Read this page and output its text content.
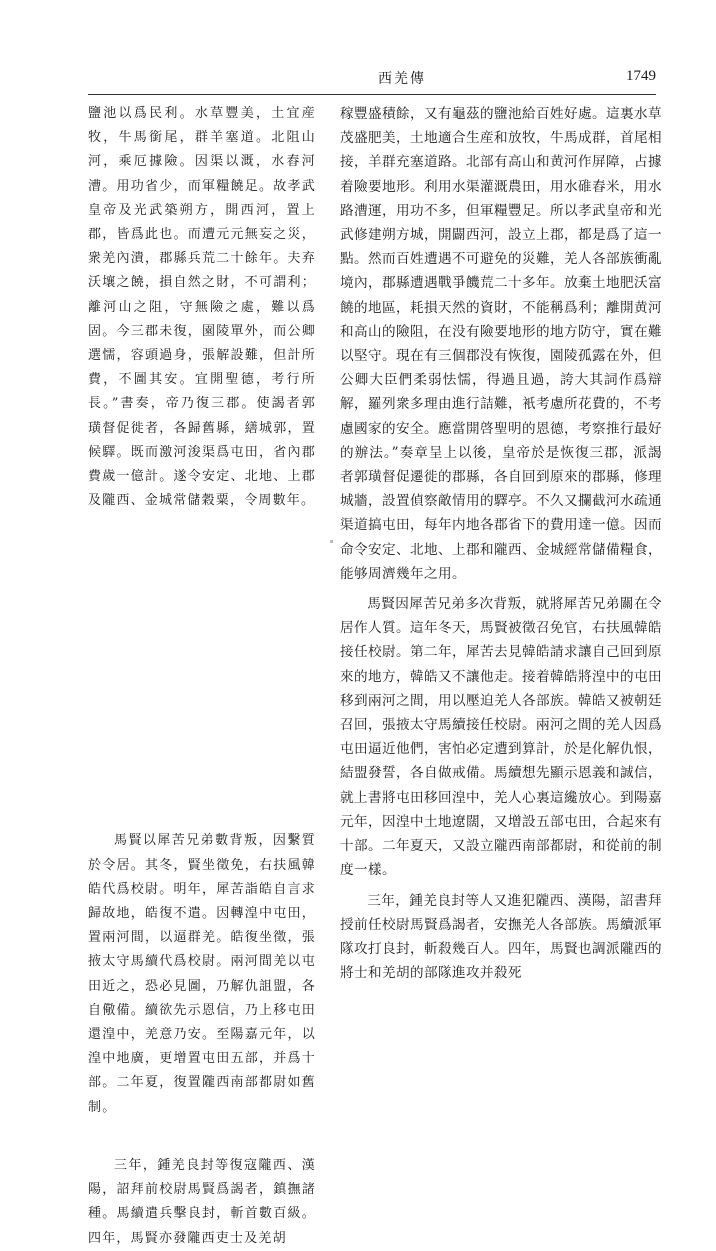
西羌傳	1749

鹽池以爲民利。水草豐美，土宜産牧，牛馬銜尾，群羊塞道。北阻山河，乘厄據險。因渠以溉，水舂河漕。用功省少，而軍糧饒足。故孝武皇帝及光武築朔方，開西河，置上郡，皆爲此也。而遭元元無妄之災，衆羌內潰，郡縣兵荒二十餘年。夫弃沃壤之饒，損自然之財，不可謂利；離河山之阻，守無險之處，難以爲固。今三郡未復，園陵單外，而公卿選懦，容頭過身，張解設難，但計所費，不圖其安。宜開聖德，考行所長。”書奏，帝乃復三郡。使謁者郭璜督促徙者，各歸舊縣，繕城郭，置候驛。既而激河浚渠爲屯田，省內郡費歲一億計。遂令安定、北地、上郡及隴西、金城常儲穀粟，令周數年。

馬賢以犀苦兄弟數背叛，因繫質於令居。其冬，賢坐徵免，右扶風韓皓代爲校尉。明年，犀苦詣皓自言求歸故地，皓復不遣。因轉湟中屯田，置兩河間，以逼群羌。皓復坐徵，張掖太守馬續代爲校尉。兩河間羌以屯田近之，恐必見圖，乃解仇詛盟，各自儆備。續欲先示恩信，乃上移屯田還湟中，羌意乃安。至陽嘉元年，以湟中地廣，更增置屯田五部，并爲十部。二年夏，復置隴西南部都尉如舊制。

三年，鍾羌良封等復寇隴西、漢陽，詔拜前校尉馬賢爲謁者，鎮撫諸種。馬續遣兵擊良封，斬首數百級。四年，馬賢亦發隴西吏士及羌胡

稼豐盛積餘，又有龜茲的鹽池給百姓好處。這裏水草茂盛肥美，土地適合生産和放牧，牛馬成群，首尾相接，羊群充塞道路。北部有高山和黄河作屏障，占據着險要地形。利用水渠灌溉農田，用水碓舂米，用水路漕運，用功不多，但軍糧豐足。所以孝武皇帝和光武修建朔方城，開闢西河，設立上郡，都是爲了這一點。然而百姓遭遇不可避免的災難，羌人各部族衝亂境內，郡縣遭遇戰爭饑荒二十多年。放棄土地肥沃富饒的地區，耗損天然的資財，不能稱爲利；離開黄河和高山的險阻，在没有險要地形的地方防守，實在難以堅守。現在有三個郡没有恢復，園陵孤露在外，但公卿大臣們柔弱怯懦，得過且過，誇大其詞作爲辯解，羅列衆多理由進行詰難，衹考慮所花費的，不考慮國家的安全。應當開啓聖明的恩德，考察推行最好的辦法。”奏章呈上以後，皇帝於是恢復三郡，派謁者郭璜督促遷徙的郡縣，各自回到原來的郡縣，修理城牆，設置偵察敵情用的驛亭。不久又攔截河水疏通渠道搞屯田，每年内地各郡省下的費用達一億。因而命令安定、北地、上郡和隴西、金城經常儲備糧食，能够周濟幾年之用。

馬賢因犀苦兄弟多次背叛，就將犀苦兄弟關在令居作人質。這年冬天，馬賢被徵召免官，右扶風韓皓接任校尉。第二年，犀苦去見韓皓請求讓自己回到原來的地方，韓皓又不讓他走。接着韓皓將湟中的屯田移到兩河之間，用以壓迫羌人各部族。韓皓又被朝廷召回，張掖太守馬續接任校尉。兩河之間的羌人因爲屯田逼近他們，害怕必定遭到算計，於是化解仇恨，結盟發誓，各自做戒備。馬續想先顯示恩義和誠信，就上書將屯田移回湟中，羌人心裏這纔放心。到陽嘉元年，因湟中土地遼闊，又增設五部屯田，合起來有十部。二年夏天，又設立隴西南部都尉，和從前的制度一樣。

三年，鍾羌良封等人又進犯隴西、漢陽，詔書拜授前任校尉馬賢爲謁者，安撫羌人各部族。馬續派軍隊攻打良封，斬殺幾百人。四年，馬賢也調派隴西的將士和羌胡的部隊進攻并殺死
